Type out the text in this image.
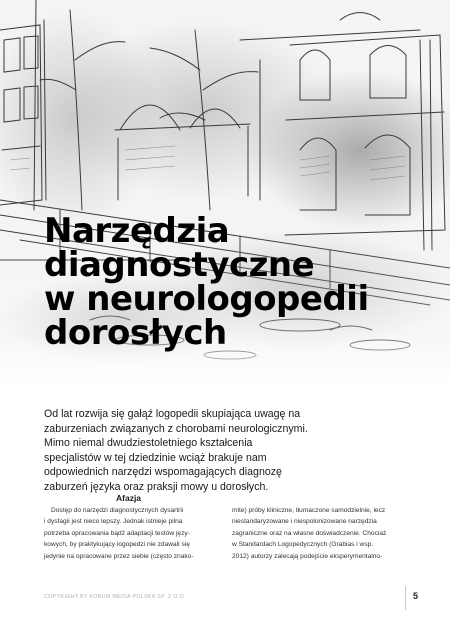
Narzędzia
diagnostyczne
w neurologopedii
dorosłych
Od lat rozwija się gałąź logopedii skupiająca uwagę na
zaburzeniach związanych z chorobami neurologicznymi.
Mimo niemal dwudziestoletniego kształcenia
specjalistów w tej dziedzinie wciąż brakuje nam
odpowiednich narzędzi wspomagających diagnozę
zaburzeń języka oraz praksji mowy u dorosłych.
Afazja
Dostęp do narzędzi diagnostycznych dysartrii
i dysfagii jest nieco lepszy. Jednak istnieje pilna
potrzeba opracowania bądź adaptacji testów języ-
kowych, by praktykujący logopedzi nie zdawali się
jedynie na opracowane przez siebie (często znako-
mite) próby kliniczne, tłumaczone samodzielnie, lecz
niestandaryzowane i niespolonizowane narzędzia
zagraniczne oraz na własne doświadczenie. Chociaż
w Standardach Logopedycznych (Grabias i wsp.
2012) autorzy zalecają podejście eksperymentalno-
COPYRIGHT BY FORUM MEDIA POLSKA SP. Z O.O.	5
